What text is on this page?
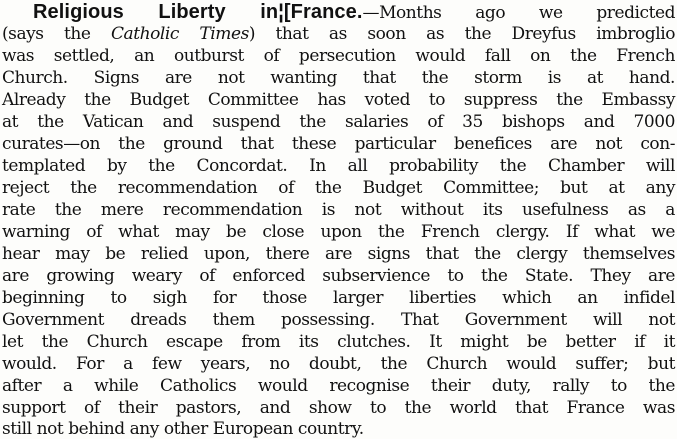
Religious Liberty in¦[France.—Months ago we predicted
(says the Catholic Times) that as soon as the Dreyfus imbroglio
was settled, an outburst of persecution would fall on the French
Church. Signs are not wanting that the storm is at hand.
Already the Budget Committee has voted to suppress the Embassy
at the Vatican and suspend the salaries of 35 bishops and 7000
curates—on the ground that these particular benefices are not con-
templated by the Concordat. In all probability the Chamber will
reject the recommendation of the Budget Committee; but at any
rate the mere recommendation is not without its usefulness as a
warning of what may be close upon the French clergy. If what we
hear may be relied upon, there are signs that the clergy themselves
are growing weary of enforced subservience to the State. They are
beginning to sigh for those larger liberties which an infidel
Government dreads them possessing. That Government will not
let the Church escape from its clutches. It might be better if it
would. For a few years, no doubt, the Church would suffer; but
after a while Catholics would recognise their duty, rally to the
support of their pastors, and show to the world that France was
still not behind any other European country.
